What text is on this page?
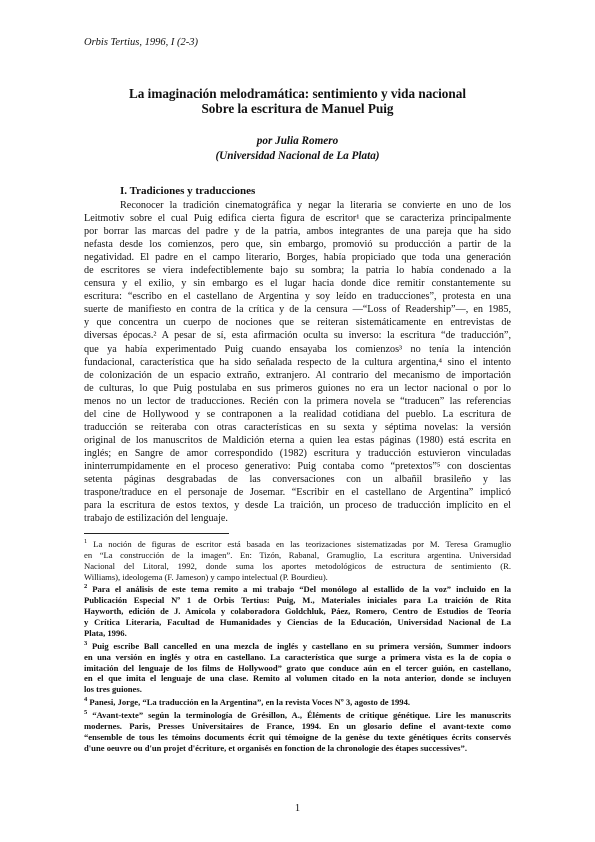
Orbis Tertius, 1996, I (2-3)
La imaginación melodramática: sentimiento y vida nacional
Sobre la escritura de Manuel Puig
por Julia Romero
(Universidad Nacional de La Plata)
I. Tradiciones y traducciones
Reconocer la tradición cinematográfica y negar la literaria se convierte en uno de los
Leitmotiv sobre el cual Puig edifica cierta figura de escritor¹ que se caracteriza principalmente
por borrar las marcas del padre y de la patria, ambos integrantes de una pareja que ha sido
nefasta desde los comienzos, pero que, sin embargo, promovió su producción a partir de la
negatividad. El padre en el campo literario, Borges, había propiciado que toda una generación
de escritores se viera indefectiblemente bajo su sombra; la patria lo había condenado a la
censura y el exilio, y sin embargo es el lugar hacia donde dice remitir constantemente su
escritura: “escribo en el castellano de Argentina y soy leído en traducciones”, protesta en una
suerte de manifiesto en contra de la crítica y de la censura —“Loss of Readership”—, en 1985,
y que concentra un cuerpo de nociones que se reiteran sistemáticamente en entrevistas de
diversas épocas.² A pesar de sí, esta afirmación oculta su inverso: la escritura “de traducción”,
que ya había experimentado Puig cuando ensayaba los comienzos³ no tenía la intención
fundacional, característica que ha sido señalada respecto de la cultura argentina,⁴ sino el intento
de colonización de un espacio extraño, extranjero. Al contrario del mecanismo de importación
de culturas, lo que Puig postulaba en sus primeros guiones no era un lector nacional o por lo
menos no un lector de traducciones. Recién con la primera novela se “traducen” las referencias
del cine de Hollywood y se contraponen a la realidad cotidiana del pueblo. La escritura de
traducción se reiteraba con otras características en su sexta y séptima novelas: la versión
original de los manuscritos de Maldición eterna a quien lea estas páginas (1980) está escrita en
inglés; en Sangre de amor correspondido (1982) escritura y traducción estuvieron vinculadas
ininterrumpidamente en el proceso generativo: Puig contaba como “pretextos”⁵ con doscientas
setenta páginas desgrabadas de las conversaciones con un albañil brasileño y las
traspone/traduce en el personaje de Josemar. “Escribir en el castellano de Argentina” implicó
para la escritura de estos textos, y desde La traición, un proceso de traducción implícito en el
trabajo de estilización del lenguaje.
$^1$ La noción de figuras de escritor está basada en las teorizaciones sistematizadas por M. Teresa Gramuglio
en “La construcción de la imagen”. En: Tizón, Rabanal, Gramuglio, La escritura argentina. Universidad
Nacional del Litoral, 1992, donde suma los aportes metodológicos de estructura de sentimiento (R.
Williams), ideologema (F. Jameson) y campo intelectual (P. Bourdieu).
$^2$ Para el análisis de este tema remito a mi trabajo “Del monólogo al estallido de la voz” incluido en la
Publicación Especial Nº 1 de Orbis Tertius: Puig, M., Materiales iniciales para La traición de Rita
Hayworth, edición de J. Amícola y colaboradora Goldchluk, Páez, Romero, Centro de Estudios de Teoría
y Crítica Literaria, Facultad de Humanidades y Ciencias de la Educación, Universidad Nacional de La
Plata, 1996.
$^3$ Puig escribe Ball cancelled en una mezcla de inglés y castellano en su primera versión, Summer indoors
en una versión en inglés y otra en castellano. La característica que surge a primera vista es la de copia o
imitación del lenguaje de los films de Hollywood” grato que conduce aún en el tercer guión, en castellano,
en el que imita el lenguaje de una clase. Remito al volumen citado en la nota anterior, donde se incluyen
los tres guiones.
$^4$ Panesi, Jorge, “La traducción en la Argentina”, en la revista Voces Nº 3, agosto de 1994.
$^5$ “Avant-texte” según la terminología de Grésillon, A., Éléments de critique génétique. Lire les manuscrits
modernes. Paris, Presses Universitaires de France, 1994. En un glosario define el avant-texte como
“ensemble de tous les témoins documents écrit qui témoigne de la genèse du texte génétiques écrits conservés
d'une oeuvre ou d'un projet d'écriture, et organisés en fonction de la chronologie des étapes successives”.
1
